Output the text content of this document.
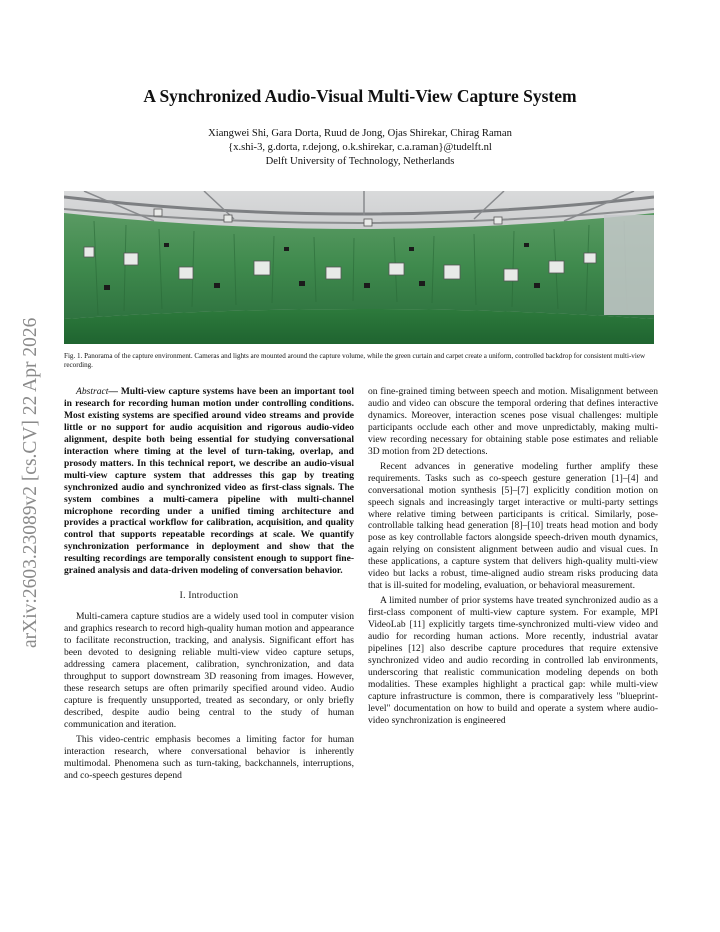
arXiv:2603.23089v2 [cs.CV] 22 Apr 2026
A Synchronized Audio-Visual Multi-View Capture System
Xiangwei Shi, Gara Dorta, Ruud de Jong, Ojas Shirekar, Chirag Raman
{x.shi-3, g.dorta, r.dejong, o.k.shirekar, c.a.raman}@tudelft.nl
Delft University of Technology, Netherlands
Fig. 1. Panorama of the capture environment. Cameras and lights are mounted around the capture volume, while the green curtain and carpet create a uniform, controlled backdrop for consistent multi-view recording.

Abstract— Multi-view capture systems have been an important tool in research for recording human motion under controlling conditions. Most existing systems are specified around video streams and provide little or no support for audio acquisition and rigorous audio-video alignment, despite both being essential for studying conversational interaction where timing at the level of turn-taking, overlap, and prosody matters. In this technical report, we describe an audio-visual multi-view capture system that addresses this gap by treating synchronized audio and synchronized video as first-class signals. The system combines a multi-camera pipeline with multi-channel microphone recording under a unified timing architecture and provides a practical workflow for calibration, acquisition, and quality control that supports repeatable recordings at scale. We quantify synchronization performance in deployment and show that the resulting recordings are temporally consistent enough to support fine-grained analysis and data-driven modeling of conversation behavior.

I. Introduction

Multi-camera capture studios are a widely used tool in computer vision and graphics research to record high-quality human motion and appearance to facilitate reconstruction, tracking, and analysis. Significant effort has been devoted to designing reliable multi-view video capture setups, addressing camera placement, calibration, synchronization, and data throughput to support downstream 3D reasoning from images. However, these research setups are often primarily specified around video. Audio capture is frequently unsupported, treated as secondary, or only briefly described, despite audio being central to the study of human communication and iteration.

This video-centric emphasis becomes a limiting factor for human interaction research, where conversational behavior is inherently multimodal. Phenomena such as turn-taking, backchannels, interruptions, and co-speech gestures depend

on fine-grained timing between speech and motion. Misalignment between audio and video can obscure the temporal ordering that defines interactive dynamics. Moreover, interaction scenes pose visual challenges: multiple participants occlude each other and move unpredictably, making multi-view recording necessary for obtaining stable pose estimates and reliable 3D motion from 2D detections.

Recent advances in generative modeling further amplify these requirements. Tasks such as co-speech gesture generation [1]–[4] and conversational motion synthesis [5]–[7] explicitly condition motion on speech signals and increasingly target interactive or multi-party settings where relative timing between participants is critical. Similarly, pose-controllable talking head generation [8]–[10] treats head motion and body pose as key controllable factors alongside speech-driven mouth dynamics, again relying on consistent alignment between audio and visual cues. In these applications, a capture system that delivers high-quality multi-view video but lacks a robust, time-aligned audio stream risks producing data that is ill-suited for modeling, evaluation, or behavioral measurement.

A limited number of prior systems have treated synchronized audio as a first-class component of multi-view capture system. For example, MPI VideoLab [11] explicitly targets time-synchronized multi-view video and audio for recording human actions. More recently, industrial avatar pipelines [12] also describe capture procedures that require extensive synchronized video and audio recording in controlled lab environments, underscoring that realistic communication modeling depends on both modalities. These examples highlight a practical gap: while multi-view capture infrastructure is common, there is comparatively less "blueprint-level" documentation on how to build and operate a system where audio-video synchronization is engineered
